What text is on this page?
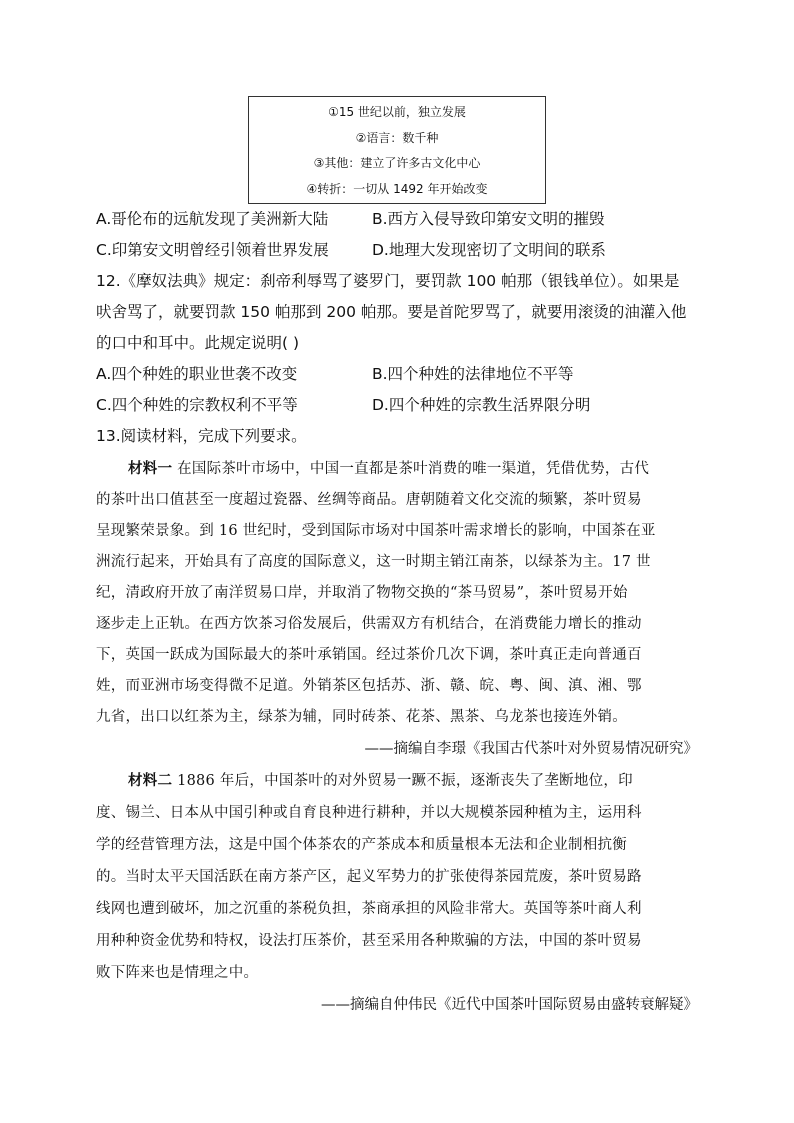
①15 世纪以前，独立发展
②语言：数千种
③其他：建立了许多古文化中心
④转折：一切从 1492 年开始改变
A.哥伦布的远航发现了美洲新大陆	B.西方入侵导致印第安文明的摧毁
C.印第安文明曾经引领着世界发展	D.地理大发现密切了文明间的联系
12.《摩奴法典》规定：刹帝利辱骂了婆罗门，要罚款 100 帕那（银钱单位）。如果是
吠舍骂了，就要罚款 150 帕那到 200 帕那。要是首陀罗骂了，就要用滚烫的油灌入他
的口中和耳中。此规定说明( )
A.四个种姓的职业世袭不改变	B.四个种姓的法律地位不平等
C.四个种姓的宗教权利不平等	D.四个种姓的宗教生活界限分明
13.阅读材料，完成下列要求。
材料一 在国际茶叶市场中，中国一直都是茶叶消费的唯一渠道，凭借优势，古代
的茶叶出口值甚至一度超过瓷器、丝绸等商品。唐朝随着文化交流的频繁，茶叶贸易
呈现繁荣景象。到 16 世纪时，受到国际市场对中国茶叶需求增长的影响，中国茶在亚
洲流行起来，开始具有了高度的国际意义，这一时期主销江南茶，以绿茶为主。17 世
纪，清政府开放了南洋贸易口岸，并取消了物物交换的“茶马贸易”，茶叶贸易开始
逐步走上正轨。在西方饮茶习俗发展后，供需双方有机结合，在消费能力增长的推动
下，英国一跃成为国际最大的茶叶承销国。经过茶价几次下调，茶叶真正走向普通百
姓，而亚洲市场变得微不足道。外销茶区包括苏、浙、赣、皖、粤、闽、滇、湘、鄂
九省，出口以红茶为主，绿茶为辅，同时砖茶、花茶、黑茶、乌龙茶也接连外销。
——摘编自李璟《我国古代茶叶对外贸易情况研究》
材料二 1886 年后，中国茶叶的对外贸易一蹶不振，逐渐丧失了垄断地位，印
度、锡兰、日本从中国引种或自育良种进行耕种，并以大规模茶园种植为主，运用科
学的经营管理方法，这是中国个体茶农的产茶成本和质量根本无法和企业制相抗衡
的。当时太平天国活跃在南方茶产区，起义军势力的扩张使得茶园荒废，茶叶贸易路
线网也遭到破坏，加之沉重的茶税负担，茶商承担的风险非常大。英国等茶叶商人利
用种种资金优势和特权，设法打压茶价，甚至采用各种欺骗的方法，中国的茶叶贸易
败下阵来也是情理之中。
——摘编自仲伟民《近代中国茶叶国际贸易由盛转衰解疑》
